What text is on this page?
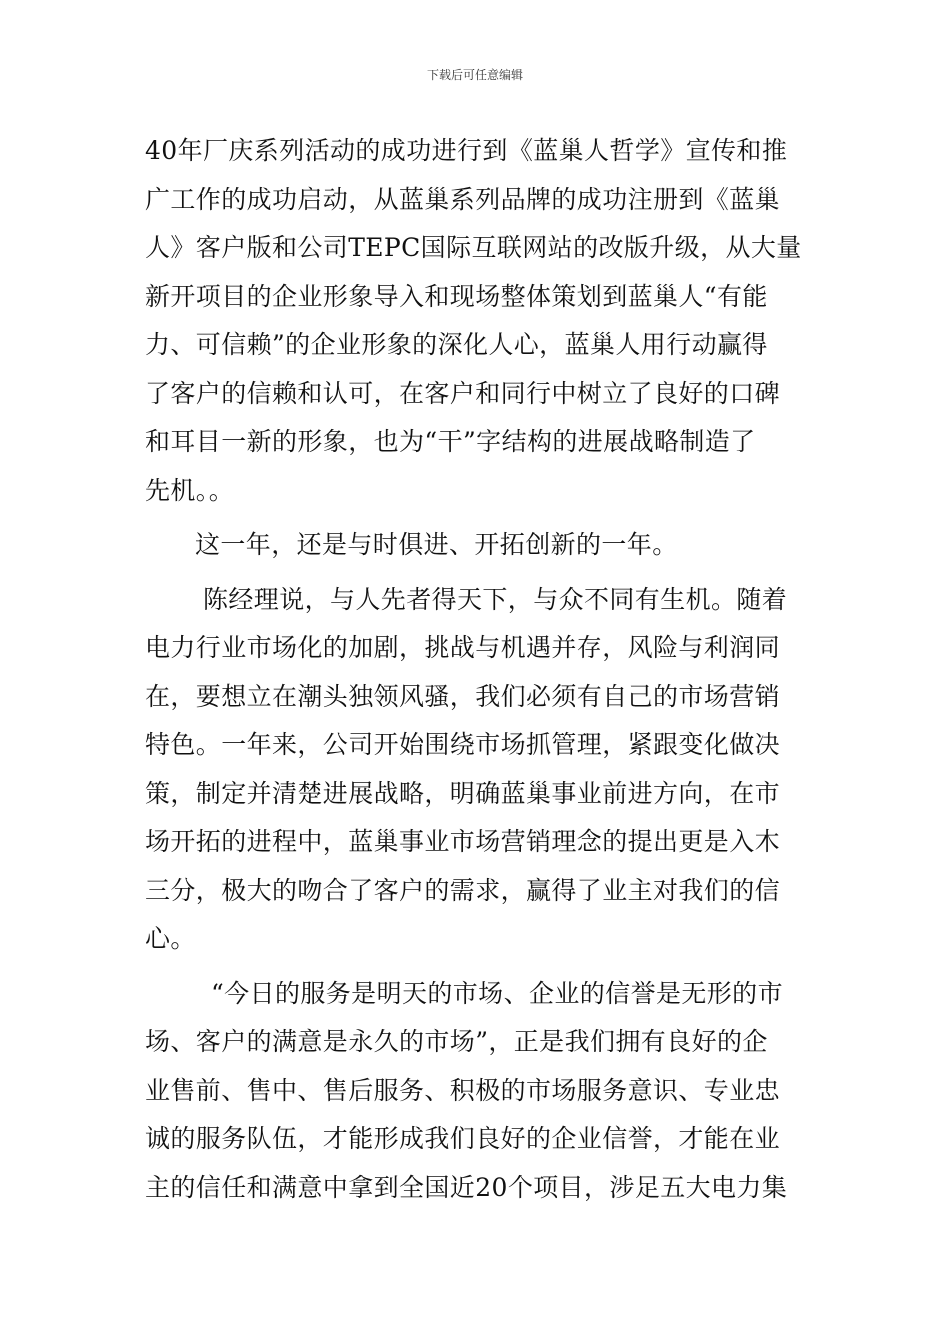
下载后可任意编辑
40年厂庆系列活动的成功进行到《蓝巢人哲学》宣传和推
广工作的成功启动，从蓝巢系列品牌的成功注册到《蓝巢
人》客户版和公司TEPC国际互联网站的改版升级，从大量
新开项目的企业形象导入和现场整体策划到蓝巢人“有能
力、可信赖”的企业形象的深化人心，蓝巢人用行动赢得
了客户的信赖和认可，在客户和同行中树立了良好的口碑
和耳目一新的形象，也为“干”字结构的进展战略制造了
先机。。
这一年，还是与时俱进、开拓创新的一年。
陈经理说，与人先者得天下，与众不同有生机。随着
电力行业市场化的加剧，挑战与机遇并存，风险与利润同
在，要想立在潮头独领风骚，我们必须有自己的市场营销
特色。一年来，公司开始围绕市场抓管理，紧跟变化做决
策，制定并清楚进展战略，明确蓝巢事业前进方向，在市
场开拓的进程中，蓝巢事业市场营销理念的提出更是入木
三分，极大的吻合了客户的需求，赢得了业主对我们的信
心。
“今日的服务是明天的市场、企业的信誉是无形的市
场、客户的满意是永久的市场”，正是我们拥有良好的企
业售前、售中、售后服务、积极的市场服务意识、专业忠
诚的服务队伍，才能形成我们良好的企业信誉，才能在业
主的信任和满意中拿到全国近20个项目，涉足五大电力集
